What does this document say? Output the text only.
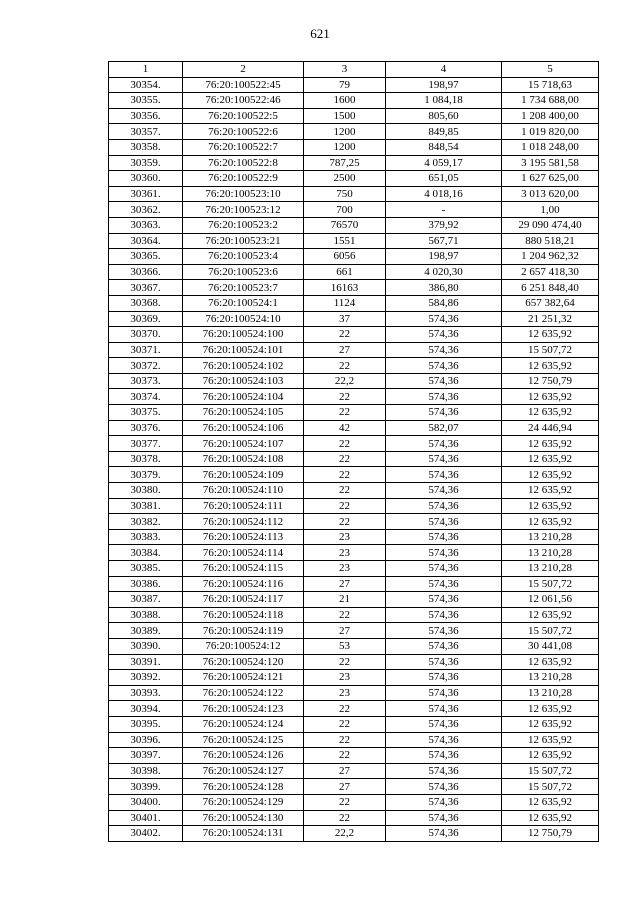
621
1	2	3	4	5
30354.	76:20:100522:45	79	198,97	15 718,63
30355.	76:20:100522:46	1600	1 084,18	1 734 688,00
30356.	76:20:100522:5	1500	805,60	1 208 400,00
30357.	76:20:100522:6	1200	849,85	1 019 820,00
30358.	76:20:100522:7	1200	848,54	1 018 248,00
30359.	76:20:100522:8	787,25	4 059,17	3 195 581,58
30360.	76:20:100522:9	2500	651,05	1 627 625,00
30361.	76:20:100523:10	750	4 018,16	3 013 620,00
30362.	76:20:100523:12	700	-	1,00
30363.	76:20:100523:2	76570	379,92	29 090 474,40
30364.	76:20:100523:21	1551	567,71	880 518,21
30365.	76:20:100523:4	6056	198,97	1 204 962,32
30366.	76:20:100523:6	661	4 020,30	2 657 418,30
30367.	76:20:100523:7	16163	386,80	6 251 848,40
30368.	76:20:100524:1	1124	584,86	657 382,64
30369.	76:20:100524:10	37	574,36	21 251,32
30370.	76:20:100524:100	22	574,36	12 635,92
30371.	76:20:100524:101	27	574,36	15 507,72
30372.	76:20:100524:102	22	574,36	12 635,92
30373.	76:20:100524:103	22,2	574,36	12 750,79
30374.	76:20:100524:104	22	574,36	12 635,92
30375.	76:20:100524:105	22	574,36	12 635,92
30376.	76:20:100524:106	42	582,07	24 446,94
30377.	76:20:100524:107	22	574,36	12 635,92
30378.	76:20:100524:108	22	574,36	12 635,92
30379.	76:20:100524:109	22	574,36	12 635,92
30380.	76:20:100524:110	22	574,36	12 635,92
30381.	76:20:100524:111	22	574,36	12 635,92
30382.	76:20:100524:112	22	574,36	12 635,92
30383.	76:20:100524:113	23	574,36	13 210,28
30384.	76:20:100524:114	23	574,36	13 210,28
30385.	76:20:100524:115	23	574,36	13 210,28
30386.	76:20:100524:116	27	574,36	15 507,72
30387.	76:20:100524:117	21	574,36	12 061,56
30388.	76:20:100524:118	22	574,36	12 635,92
30389.	76:20:100524:119	27	574,36	15 507,72
30390.	76:20:100524:12	53	574,36	30 441,08
30391.	76:20:100524:120	22	574,36	12 635,92
30392.	76:20:100524:121	23	574,36	13 210,28
30393.	76:20:100524:122	23	574,36	13 210,28
30394.	76:20:100524:123	22	574,36	12 635,92
30395.	76:20:100524:124	22	574,36	12 635,92
30396.	76:20:100524:125	22	574,36	12 635,92
30397.	76:20:100524:126	22	574,36	12 635,92
30398.	76:20:100524:127	27	574,36	15 507,72
30399.	76:20:100524:128	27	574,36	15 507,72
30400.	76:20:100524:129	22	574,36	12 635,92
30401.	76:20:100524:130	22	574,36	12 635,92
30402.	76:20:100524:131	22,2	574,36	12 750,79
